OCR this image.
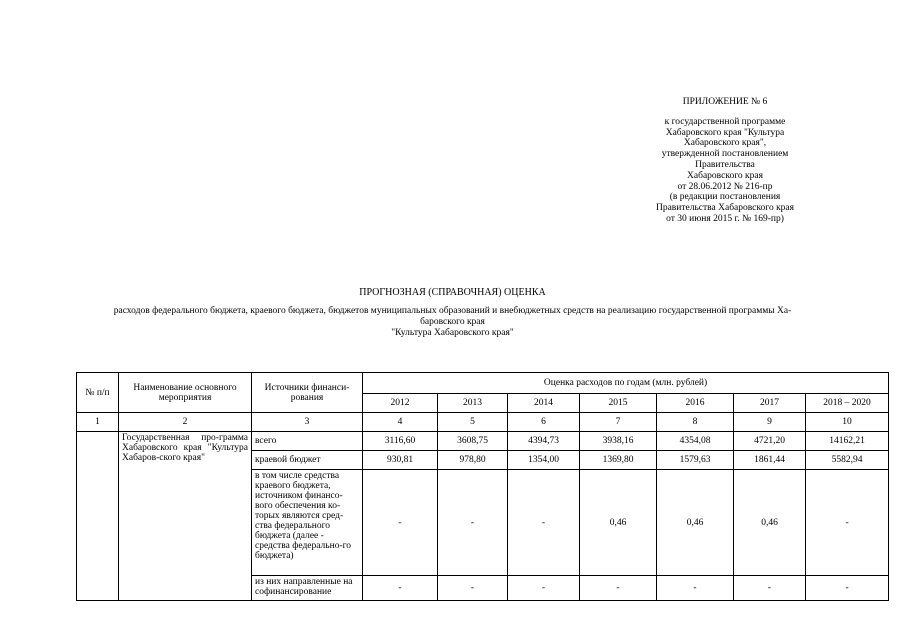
ПРИЛОЖЕНИЕ № 6
к государственной программе
Хабаровского края "Культура
Хабаровского края",
утвержденной постановлением
Правительства
Хабаровского края
от 28.06.2012 № 216-пр
(в редакции постановления
Правительства Хабаровского края
от 30 июня 2015 г. № 169-пр)
ПРОГНОЗНАЯ (СПРАВОЧНАЯ) ОЦЕНКА
расходов федерального бюджета, краевого бюджета, бюджетов муниципальных образований и внебюджетных средств на реализацию государственной программы Ха-
баровского края
"Культура Хабаровского края"
№ п/п	Наименование основного мероприятия	Источники финанси-рования	Оценка расходов по годам (млн. рублей)						
			2012	2013	2014	2015	2016	2017	2018 – 2020
1	2	3	4	5	6	7	8	9	10
	Государственная про-грамма Хабаровского края "Культура Хабаров-ского края"	всего	3116,60	3608,75	4394,73	3938,16	4354,08	4721,20	14162,21
		краевой бюджет	930,81	978,80	1354,00	1369,80	1579,63	1861,44	5582,94
		в том числе средства краевого бюджета, источником финансо-вого обеспечения ко-торых являются сред-ства федерального бюджета (далее - средства федерально-го бюджета)	-	-	-	0,46	0,46	0,46	-
		из них направленные на софинансирование	-	-	-	-	-	-	-
